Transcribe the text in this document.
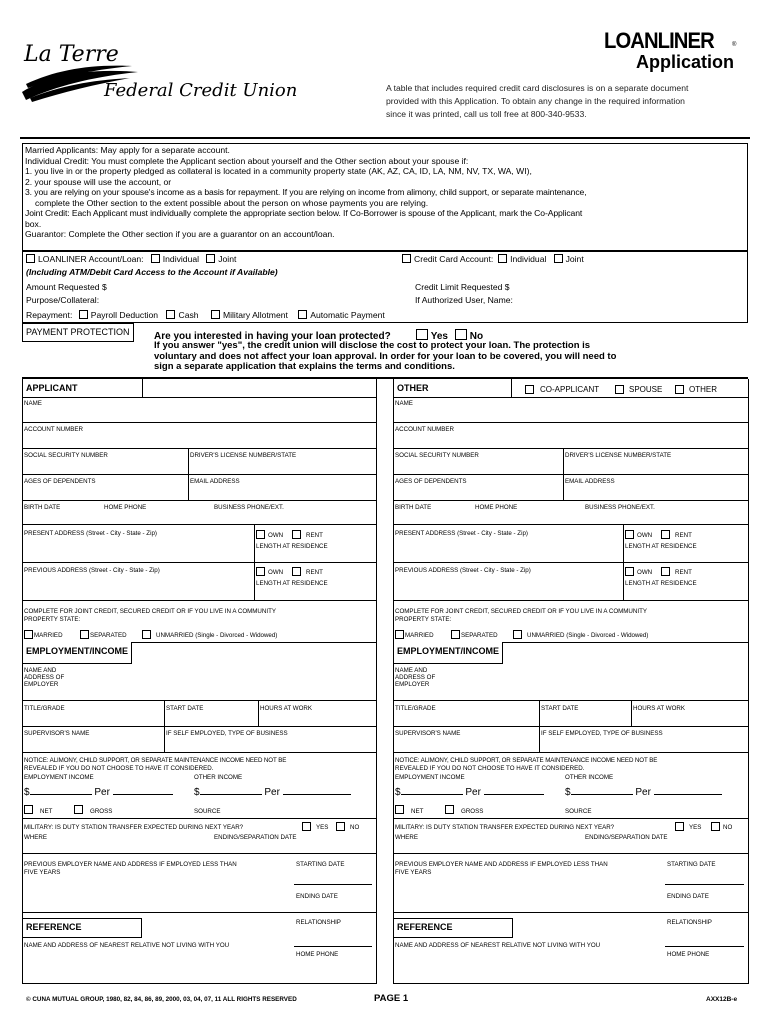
La Terre
Federal Credit Union
LOANLINER	®
Application
A table that includes required credit card disclosures is on a separate document
provided with this Application. To obtain any change in the required information
since it was printed, call us toll free at 800-340-9533.
Married Applicants: May apply for a separate account.
Individual Credit: You must complete the Applicant section about yourself and the Other section about your spouse if:
1. you live in or the property pledged as collateral is located in a community property state (AK, AZ, CA, ID, LA, NM, NV, TX, WA, WI),
2. your spouse will use the account, or
3. you are relying on your spouse's income as a basis for repayment. If you are relying on income from alimony, child support, or separate maintenance,
complete the Other section to the extent possible about the person on whose payments you are relying.
Joint Credit: Each Applicant must individually complete the appropriate section below. If Co-Borrower is spouse of the Applicant, mark the Co-Applicant
box.
Guarantor: Complete the Other section if you are a guarantor on an account/loan.
LOANLINER Account/Loan: Individual Joint	Credit Card Account: Individual Joint
(Including ATM/Debit Card Access to the Account if Available)
Amount Requested $
Purpose/Collateral:
Credit Limit Requested $
If Authorized User, Name:
Repayment: Payroll Deduction Cash	Military Allotment	Automatic Payment
PAYMENT PROTECTION	Are you interested in having your loan protected?	Yes No
If you answer "yes", the credit union will disclose the cost to protect your loan. The protection is
voluntary and does not affect your loan approval. In order for your loan to be covered, you will need to
sign a separate application that explains the terms and conditions.
APPLICANT
NAME
ACCOUNT NUMBER
SOCIAL SECURITY NUMBER	DRIVER'S LICENSE NUMBER/STATE
AGES OF DEPENDENTS	EMAIL ADDRESS
BIRTH DATE	HOME PHONE	BUSINESS PHONE/EXT.
PRESENT ADDRESS (Street - City - State - Zip)	OWN	RENT
LENGTH AT RESIDENCE
PREVIOUS ADDRESS (Street - City - State - Zip)	OWN	RENT
LENGTH AT RESIDENCE
COMPLETE FOR JOINT CREDIT, SECURED CREDIT OR IF YOU LIVE IN A COMMUNITY
PROPERTY STATE:
MARRIED	SEPARATED	UNMARRIED (Single - Divorced - Widowed)
EMPLOYMENT/INCOME
NAME AND
ADDRESS OF
EMPLOYER
TITLE/GRADE	START DATE	HOURS AT WORK
SUPERVISOR'S NAME	IF SELF EMPLOYED, TYPE OF BUSINESS
NOTICE: ALIMONY, CHILD SUPPORT, OR SEPARATE MAINTENANCE INCOME NEED NOT BE
REVEALED IF YOU DO NOT CHOOSE TO HAVE IT CONSIDERED.
EMPLOYMENT INCOME	OTHER INCOME
$	Per	$	Per
NET	GROSS	SOURCE
MILITARY: IS DUTY STATION TRANSFER EXPECTED DURING NEXT YEAR?	YES	NO
WHERE	ENDING/SEPARATION DATE
PREVIOUS EMPLOYER NAME AND ADDRESS IF EMPLOYED LESS THAN
FIVE YEARS
STARTING DATE
ENDING DATE
REFERENCE	RELATIONSHIP
NAME AND ADDRESS OF NEAREST RELATIVE NOT LIVING WITH YOU
HOME PHONE
OTHER	CO-APPLICANT	SPOUSE	OTHER
NAME
ACCOUNT NUMBER
SOCIAL SECURITY NUMBER	DRIVER'S LICENSE NUMBER/STATE
AGES OF DEPENDENTS	EMAIL ADDRESS
BIRTH DATE	HOME PHONE	BUSINESS PHONE/EXT.
PRESENT ADDRESS (Street - City - State - Zip)	OWN	RENT
LENGTH AT RESIDENCE
PREVIOUS ADDRESS (Street - City - State - Zip)	OWN	RENT
LENGTH AT RESIDENCE
COMPLETE FOR JOINT CREDIT, SECURED CREDIT OR IF YOU LIVE IN A COMMUNITY
PROPERTY STATE:
MARRIED	SEPARATED	UNMARRIED (Single - Divorced - Widowed)
EMPLOYMENT/INCOME
NAME AND
ADDRESS OF
EMPLOYER
TITLE/GRADE	START DATE	HOURS AT WORK
SUPERVISOR'S NAME	IF SELF EMPLOYED, TYPE OF BUSINESS
NOTICE: ALIMONY, CHILD SUPPORT, OR SEPARATE MAINTENANCE INCOME NEED NOT BE
REVEALED IF YOU DO NOT CHOOSE TO HAVE IT CONSIDERED.
EMPLOYMENT INCOME	OTHER INCOME
$	Per	$	Per
NET	GROSS	SOURCE
MILITARY: IS DUTY STATION TRANSFER EXPECTED DURING NEXT YEAR?	YES	NO
WHERE	ENDING/SEPARATION DATE
PREVIOUS EMPLOYER NAME AND ADDRESS IF EMPLOYED LESS THAN
FIVE YEARS
STARTING DATE
ENDING DATE
REFERENCE	RELATIONSHIP
NAME AND ADDRESS OF NEAREST RELATIVE NOT LIVING WITH YOU
HOME PHONE
© CUNA MUTUAL GROUP, 1980, 82, 84, 86, 89, 2000, 03, 04, 07, 11 ALL RIGHTS RESERVED	PAGE 1	AXX12B-e
